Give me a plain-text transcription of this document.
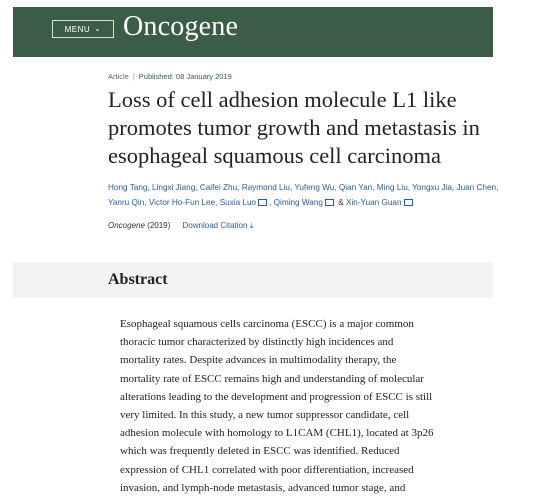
MENU ⌄ Oncogene
Article | Published: 08 January 2019
Loss of cell adhesion molecule L1 like promotes tumor growth and metastasis in esophageal squamous cell carcinoma
Hong Tang, Lingxi Jiang, Caifei Zhu, Raymond Liu, Yufeng Wu, Qian Yan, Ming Liu, Yongxu Jia, Juan Chen, Yanru Qin, Victor Ho-Fun Lee, Suxia Luo , Qiming Wang & Xin-Yuan Guan
Oncogene (2019) Download Citation ⤓
Abstract
Esophageal squamous cells carcinoma (ESCC) is a major common
thoracic tumor characterized by distinctly high incidences and
mortality rates. Despite advances in multimodality therapy, the
mortality rate of ESCC remains high and understanding of molecular
alterations leading to the development and progression of ESCC is still
very limited. In this study, a new tumor suppressor candidate, cell
adhesion molecule with homology to L1CAM (CHL1), located at 3p26
which was frequently deleted in ESCC was identified. Reduced
expression of CHL1 correlated with poor differentiation, increased
invasion, and lymph-node metastasis, advanced tumor stage, and
